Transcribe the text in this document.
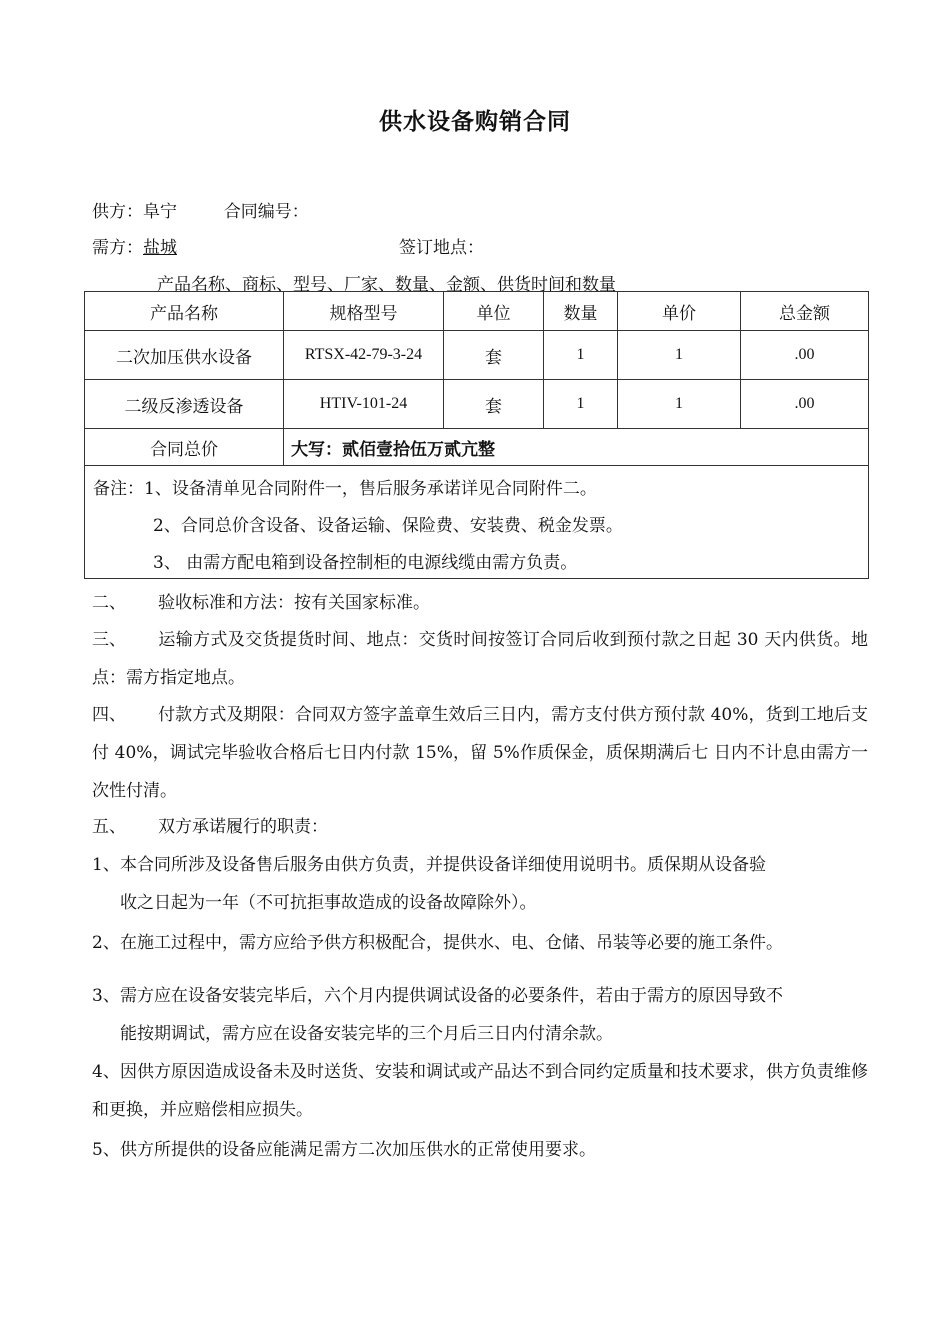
供水设备购销合同
供方：阜宁	合同编号：
需方：盐城	签订地点：
产品名称、商标、型号、厂家、数量、金额、供货时间和数量
产品名称	规格型号	单位	数量	单价	总金额
二次加压供水设备	RTSX-42-79-3-24	套	1	1	.00
二级反渗透设备	HTIV-101-24	套	1	1	.00
合同总价	大写：贰佰壹拾伍万贰亢整				

备注：1、设备清单见合同附件一，售后服务承诺详见合同附件二。
2、合同总价含设备、设备运输、保险费、安装费、税金发票。
3、 由需方配电箱到设备控制柜的电源线缆由需方负责。					
二、 验收标准和方法：按有关国家标准。
三、 运输方式及交货提货时间、地点：交货时间按签订合同后收到预付款之日起 30 天内供货。地点：需方指定地点。
四、 付款方式及期限：合同双方签字盖章生效后三日内，需方支付供方预付款 40%，货到工地后支付 40%，调试完毕验收合格后七日内付款 15%，留 5%作质保金，质保期满后七 日内不计息由需方一次性付清。
五、 双方承诺履行的职责：
1、本合同所涉及设备售后服务由供方负责，并提供设备详细使用说明书。质保期从设备验
收之日起为一年（不可抗拒事故造成的设备故障除外）。
2、在施工过程中，需方应给予供方积极配合，提供水、电、仓储、吊装等必要的施工条件。
3、需方应在设备安装完毕后，六个月内提供调试设备的必要条件，若由于需方的原因导致不
能按期调试，需方应在设备安装完毕的三个月后三日内付清余款。
4、因供方原因造成设备未及时送货、安装和调试或产品达不到合同约定质量和技术要求，供方负责维修和更换，并应赔偿相应损失。
5、供方所提供的设备应能满足需方二次加压供水的正常使用要求。
